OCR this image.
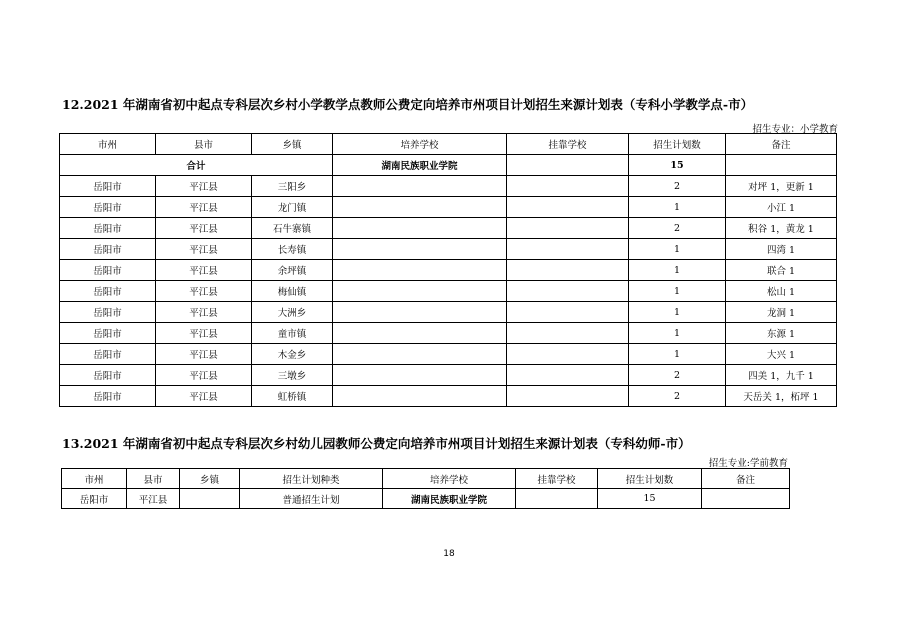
12.2021 年湖南省初中起点专科层次乡村小学教学点教师公费定向培养市州项目计划招生来源计划表（专科小学教学点-市）
招生专业：小学教育
市州	县市	乡镇	培养学校	挂靠学校	招生计划数	备注
合计			湖南民族职业学院		15	
岳阳市	平江县	三阳乡			2	对坪 1，更新 1
岳阳市	平江县	龙门镇			1	小江 1
岳阳市	平江县	石牛寨镇			2	积谷 1，黄龙 1
岳阳市	平江县	长寿镇			1	四湾 1
岳阳市	平江县	余坪镇			1	联合 1
岳阳市	平江县	梅仙镇			1	松山 1
岳阳市	平江县	大洲乡			1	龙洞 1
岳阳市	平江县	童市镇			1	东源 1
岳阳市	平江县	木金乡			1	大兴 1
岳阳市	平江县	三墩乡			2	四美 1，九千 1
岳阳市	平江县	虹桥镇			2	天岳关 1，柘坪 1
13.2021 年湖南省初中起点专科层次乡村幼儿园教师公费定向培养市州项目计划招生来源计划表（专科幼师-市）
招生专业:学前教育
市州	县市	乡镇	招生计划种类	培养学校	挂靠学校	招生计划数	备注
岳阳市	平江县		普通招生计划	湖南民族职业学院		15	
18
